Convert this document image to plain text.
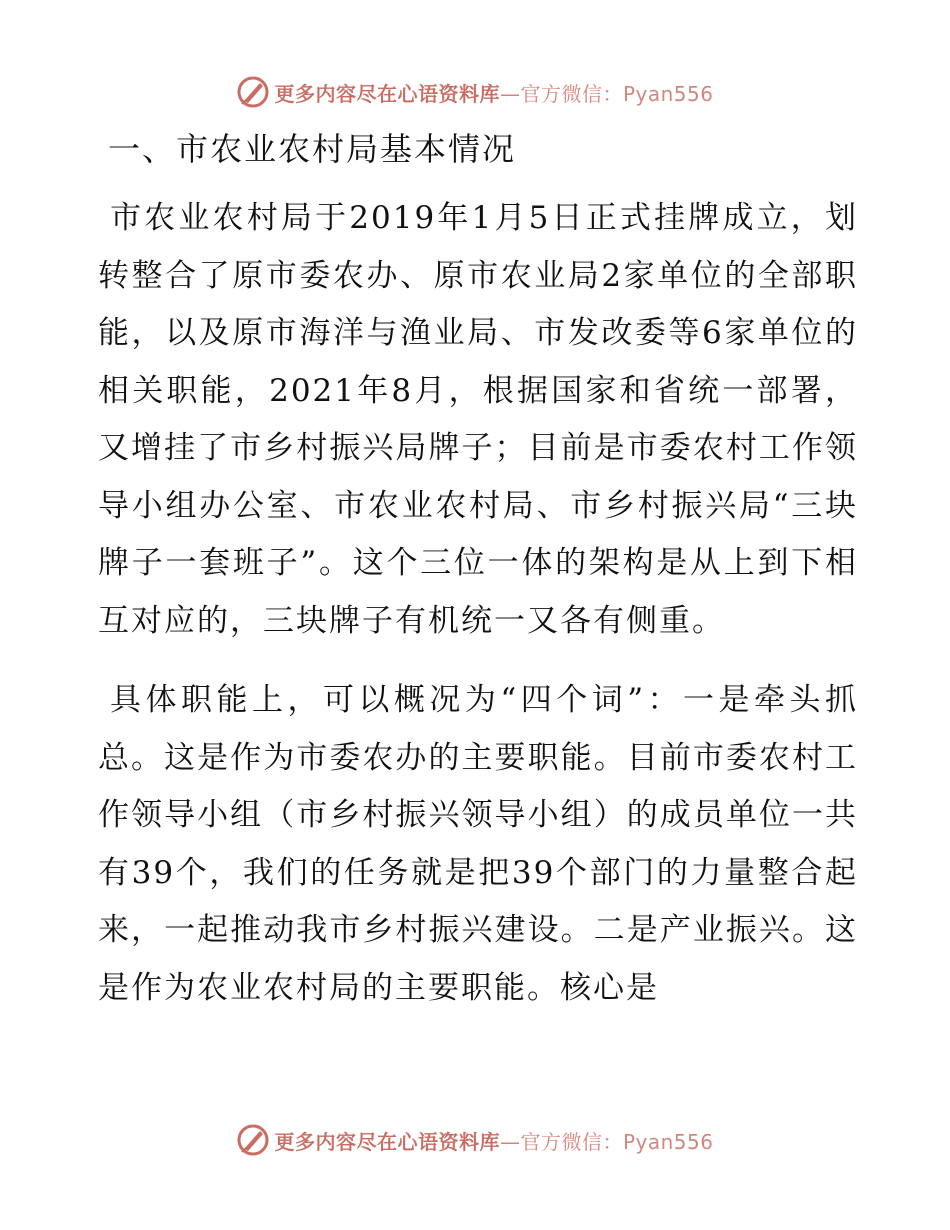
更多内容尽在心语资料库—官方微信：Pyan556
一、市农业农村局基本情况

市农业农村局于2019年1月5日正式挂牌成立，划转整合了原市委农办、原市农业局2家单位的全部职能，以及原市海洋与渔业局、市发改委等6家单位的相关职能，2021年8月，根据国家和省统一部署，又增挂了市乡村振兴局牌子；目前是市委农村工作领导小组办公室、市农业农村局、市乡村振兴局“三块牌子一套班子”。这个三位一体的架构是从上到下相互对应的，三块牌子有机统一又各有侧重。

具体职能上，可以概况为“四个词”：一是牵头抓总。这是作为市委农办的主要职能。目前市委农村工作领导小组（市乡村振兴领导小组）的成员单位一共有39个，我们的任务就是把39个部门的力量整合起来，一起推动我市乡村振兴建设。二是产业振兴。这是作为农业农村局的主要职能。核心是

更多内容尽在心语资料库—官方微信：Pyan556
